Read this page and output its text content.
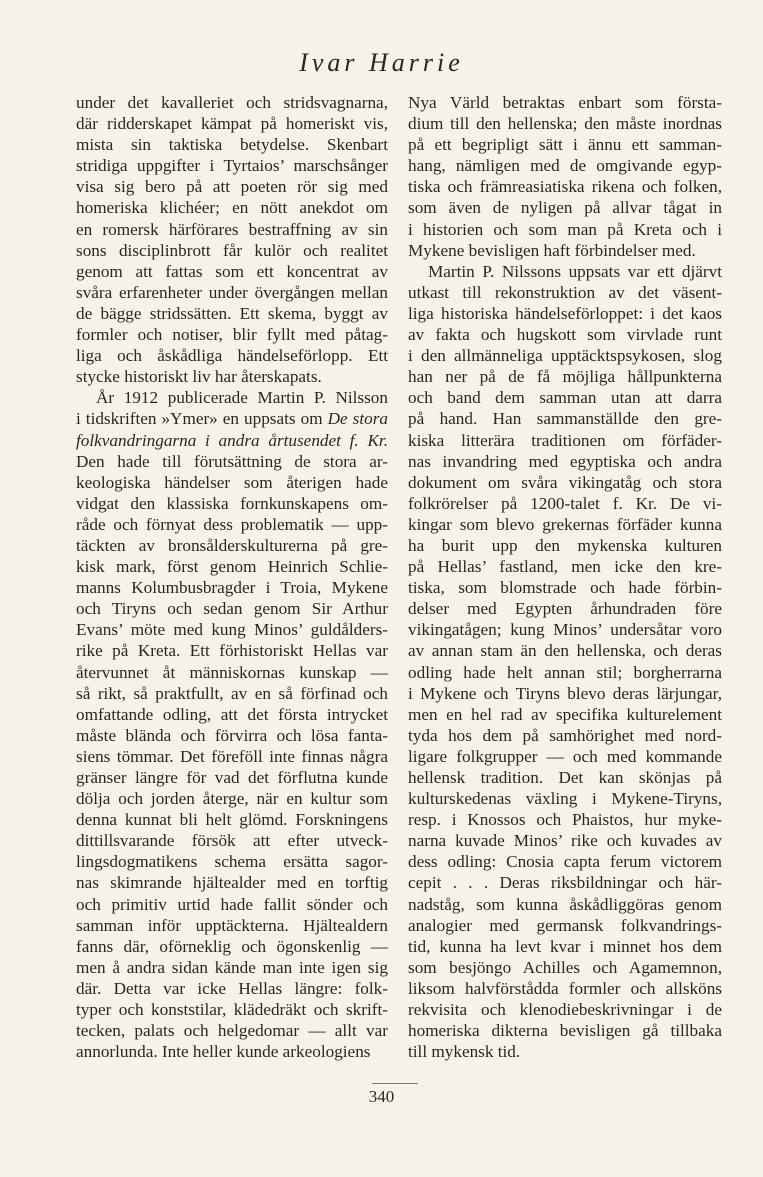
Ivar Harrie
under det kavalleriet och stridsvagnarna,
där ridderskapet kämpat på homeriskt vis,
mista sin taktiska betydelse. Skenbart
stridiga uppgifter i Tyrtaios’ marschsånger
visa sig bero på att poeten rör sig med
homeriska klichéer; en nött anekdot om
en romersk härförares bestraffning av sin
sons disciplinbrott får kulör och realitet
genom att fattas som ett koncentrat av
svåra erfarenheter under övergången mellan
de bägge stridssätten. Ett skema, byggt av
formler och notiser, blir fyllt med påtag-
liga och åskådliga händelseförlopp. Ett
stycke historiskt liv har återskapats.
År 1912 publicerade Martin P. Nilsson
i tidskriften »Ymer» en uppsats om De stora
folkvandringarna i andra årtusendet f. Kr.
Den hade till förutsättning de stora ar-
keologiska händelser som återigen hade
vidgat den klassiska fornkunskapens om-
råde och förnyat dess problematik — upp-
täckten av bronsålderskulturerna på gre-
kisk mark, först genom Heinrich Schlie-
manns Kolumbusbragder i Troia, Mykene
och Tiryns och sedan genom Sir Arthur
Evans’ möte med kung Minos’ guldålders-
rike på Kreta. Ett förhistoriskt Hellas var
återvunnet åt människornas kunskap —
så rikt, så praktfullt, av en så förfinad och
omfattande odling, att det första intrycket
måste blända och förvirra och lösa fanta-
siens tömmar. Det föreföll inte finnas några
gränser längre för vad det förflutna kunde
dölja och jorden återge, när en kultur som
denna kunnat bli helt glömd. Forskningens
dittillsvarande försök att efter utveck-
lingsdogmatikens schema ersätta sagor-
nas skimrande hjältealder med en torftig
och primitiv urtid hade fallit sönder och
samman inför upptäckterna. Hjältealdern
fanns där, oförneklig och ögonskenlig —
men å andra sidan kände man inte igen sig
där. Detta var icke Hellas längre: folk-
typer och konststilar, klädedräkt och skrift-
tecken, palats och helgedomar — allt var
annorlunda. Inte heller kunde arkeologiens
Nya Värld betraktas enbart som förstа-
dium till den hellenska; den måste inordnas
på ett begripligt sätt i ännu ett samman-
hang, nämligen med de omgivande egyp-
tiska och främreasiatiska rikena och folken,
som även de nyligen på allvar tågat in
i historien och som man på Kreta och i
Mykene bevisligen haft förbindelser med.
Martin P. Nilssons uppsats var ett djärvt
utkast till rekonstruktion av det väsent-
liga historiska händelseförloppet: i det kaos
av fakta och hugskott som virvlade runt
i den allmänneliga upptäcktspsykosen, slog
han ner på de få möjliga hållpunkterna
och band dem samman utan att darra
på hand. Han sammanställde den gre-
kiska litterära traditionen om förfäder-
nas invandring med egyptiska och andra
dokument om svåra vikingatåg och stora
folkrörelser på 1200-talet f. Kr. De vi-
kingar som blevo grekernas förfäder kunna
ha burit upp den mykenska kulturen
på Hellas’ fastland, men icke den kre-
tiska, som blomstrade och hade förbin-
delser med Egypten århundraden före
vikingatågen; kung Minos’ undersåtar voro
av annan stam än den hellenska, och deras
odling hade helt annan stil; borgherrarna
i Mykene och Tiryns blevo deras lärjungar,
men en hel rad av specifika kulturelement
tyda hos dem på samhörighet med nord-
ligare folkgrupper — och med kommande
hellensk tradition. Det kan skönjas på
kulturskedenas växling i Mykene-Tiryns,
resp. i Knossos och Phaistos, hur myke-
narna kuvade Minos’ rike och kuvades av
dess odling: Cnosia capta ferum victorem
cepit . . . Deras riksbildningar och här-
nadståg, som kunna åskådliggöras genom
analogier med germansk folkvandrings-
tid, kunna ha levt kvar i minnet hos dem
som besjöngo Achilles och Agamemnon,
liksom halvförstådda formler och allsköns
rekvisita och klenodiebeskrivningar i de
homeriska dikterna bevisligen gå tillbaka
till mykensk tid.
340
